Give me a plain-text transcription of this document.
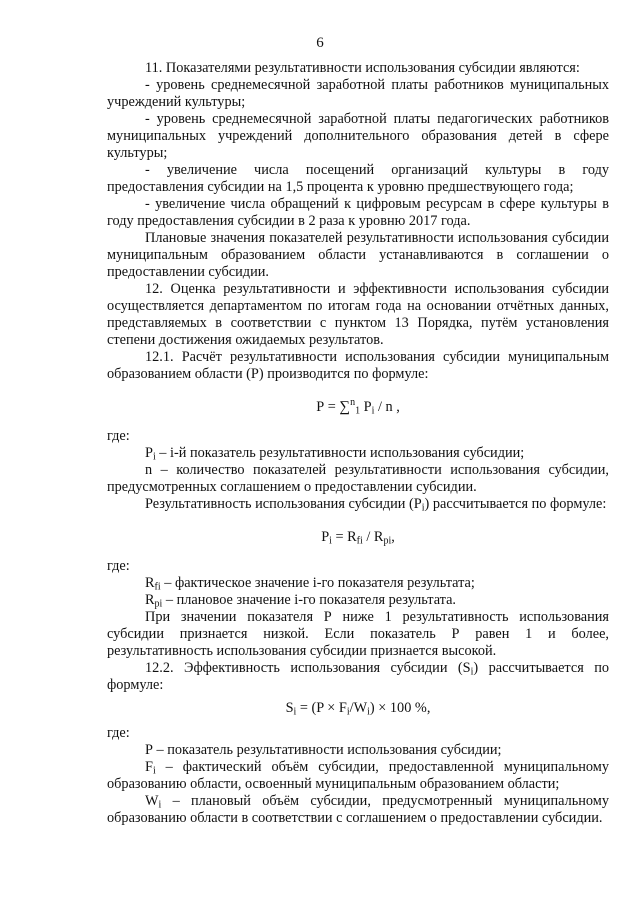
6

11. Показателями результативности использования субсидии являются:

- уровень среднемесячной заработной платы работников муниципальных учреждений культуры;

- уровень среднемесячной заработной платы педагогических работников муниципальных учреждений дополнительного образования детей в сфере культуры;

- увеличение числа посещений организаций культуры в году предоставления субсидии на 1,5 процента к уровню предшествующего года;

- увеличение числа обращений к цифровым ресурсам в сфере культуры в году предоставления субсидии в 2 раза к уровню 2017 года.

Плановые значения показателей результативности использования субсидии муниципальным образованием области устанавливаются в соглашении о предоставлении субсидии.

12. Оценка результативности и эффективности использования субсидии осуществляется департаментом по итогам года на основании отчётных данных, представляемых в соответствии с пунктом 13 Порядка, путём установления степени достижения ожидаемых результатов.

12.1. Расчёт результативности использования субсидии муниципальным образованием области (Р) производится по формуле:

Р = ∑$^n_1$ $P_i$ / n ,

где:

$P_i - i-й$ показатель результативности использования субсидии;

n – количество показателей результативности использования субсидии, предусмотренных соглашением о предоставлении субсидии.

Результативность использования субсидии $(P_i)$ рассчитывается по формуле:

$P_i = R_{fi} / R_{pi}$,

где:

$R_{fi}$ – фактическое значение i-го показателя результата;

$R_{pi}$ – плановое значение i-го показателя результата.

При значении показателя Р ниже 1 результативность использования субсидии признается низкой. Если показатель Р равен 1 и более, результативность использования субсидии признается высокой.

12.2. Эффективность использования субсидии $(S_i)$ рассчитывается по формуле:

$S_i = (P \times F_i/W_i) \times 100$ %,

где:

Р – показатель результативности использования субсидии;

$F_i$ – фактический объём субсидии, предоставленной муниципальному образованию области, освоенный муниципальным образованием области;

$W_i$ – плановый объём субсидии, предусмотренный муниципальному образованию области в соответствии с соглашением о предоставлении субсидии.
